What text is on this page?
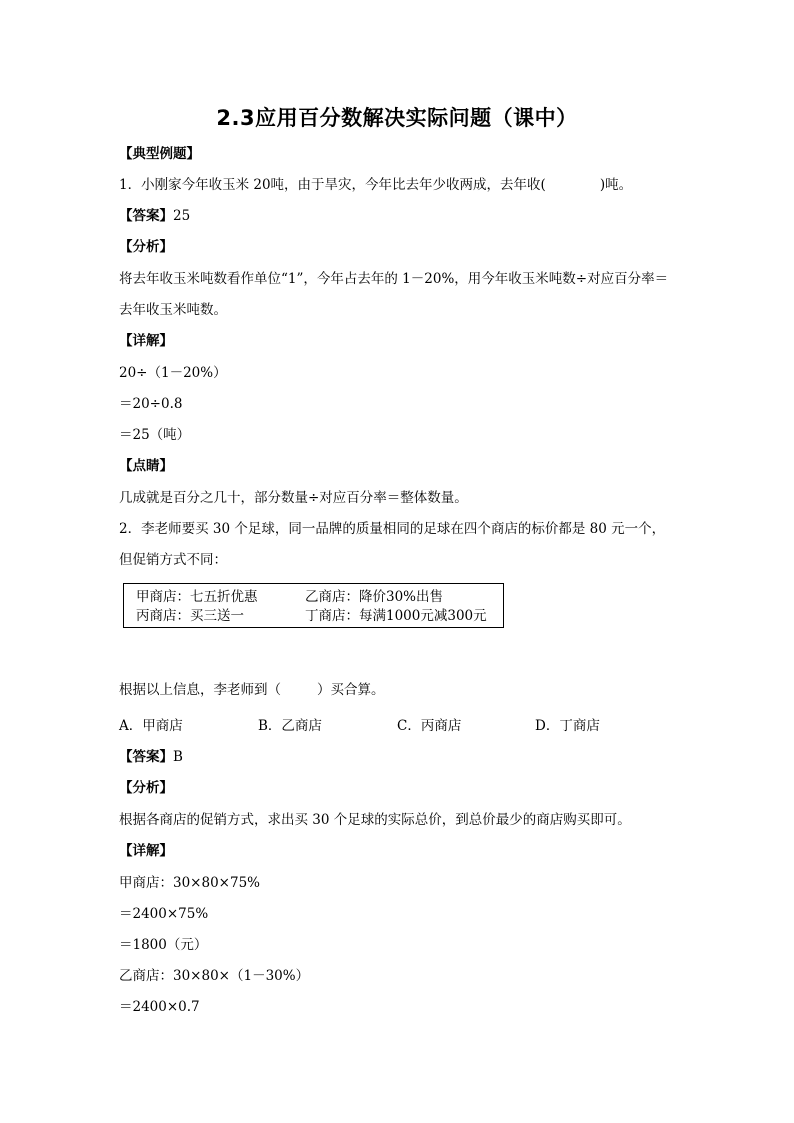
2.3应用百分数解决实际问题（课中）
【典型例题】
1．小刚家今年收玉米 20吨，由于旱灾，今年比去年少收两成，去年收(	)吨。
【答案】25
【分析】
将去年收玉米吨数看作单位“1”，今年占去年的 1－20%，用今年收玉米吨数÷对应百分率＝
去年收玉米吨数。
【详解】
20÷（1－20%）
＝20÷0.8
＝25（吨）
【点睛】
几成就是百分之几十，部分数量÷对应百分率＝整体数量。
2．李老师要买 30 个足球，同一品牌的质量相同的足球在四个商店的标价都是 80 元一个，
但促销方式不同：
甲商店：七五折优惠	乙商店：降价30%出售
丙商店：买三送一	丁商店：每满1000元减300元
根据以上信息，李老师到（	）买合算。
A．甲商店	B．乙商店	C．丙商店	D．丁商店
【答案】B
【分析】
根据各商店的促销方式，求出买 30 个足球的实际总价，到总价最少的商店购买即可。
【详解】
甲商店：30×80×75%
＝2400×75%
＝1800（元）
乙商店：30×80×（1－30%）
＝2400×0.7
